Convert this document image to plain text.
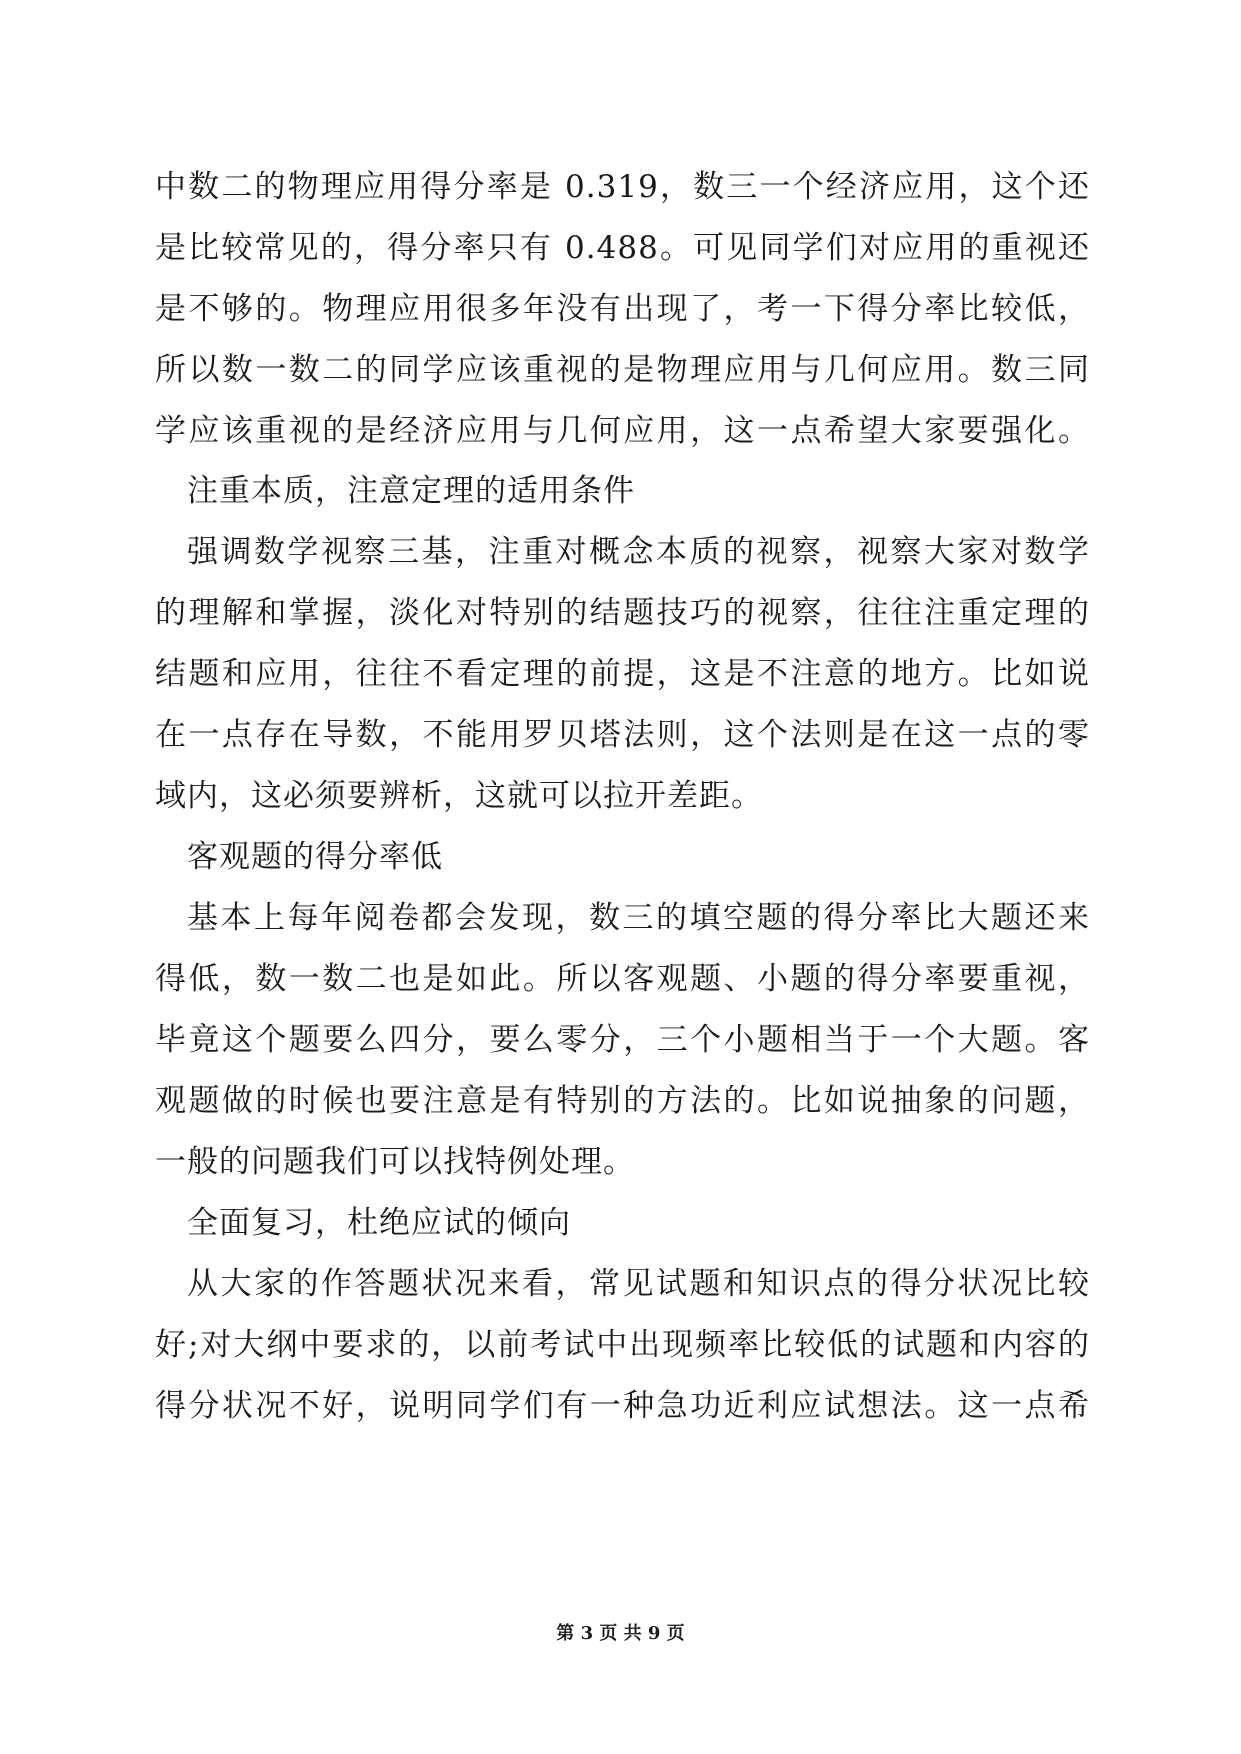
中数二的物理应用得分率是 0.319，数三一个经济应用，这个还
是比较常见的，得分率只有 0.488。可见同学们对应用的重视还
是不够的。物理应用很多年没有出现了，考一下得分率比较低，
所以数一数二的同学应该重视的是物理应用与几何应用。数三同
学应该重视的是经济应用与几何应用，这一点希望大家要强化。
注重本质，注意定理的适用条件
强调数学视察三基，注重对概念本质的视察，视察大家对数学
的理解和掌握，淡化对特别的结题技巧的视察，往往注重定理的
结题和应用，往往不看定理的前提，这是不注意的地方。比如说
在一点存在导数，不能用罗贝塔法则，这个法则是在这一点的零
域内，这必须要辨析，这就可以拉开差距。
客观题的得分率低
基本上每年阅卷都会发现，数三的填空题的得分率比大题还来
得低，数一数二也是如此。所以客观题、小题的得分率要重视，
毕竟这个题要么四分，要么零分，三个小题相当于一个大题。客
观题做的时候也要注意是有特别的方法的。比如说抽象的问题，
一般的问题我们可以找特例处理。
全面复习，杜绝应试的倾向
从大家的作答题状况来看，常见试题和知识点的得分状况比较
好;对大纲中要求的，以前考试中出现频率比较低的试题和内容的
得分状况不好，说明同学们有一种急功近利应试想法。这一点希
第 3 页 共 9 页
